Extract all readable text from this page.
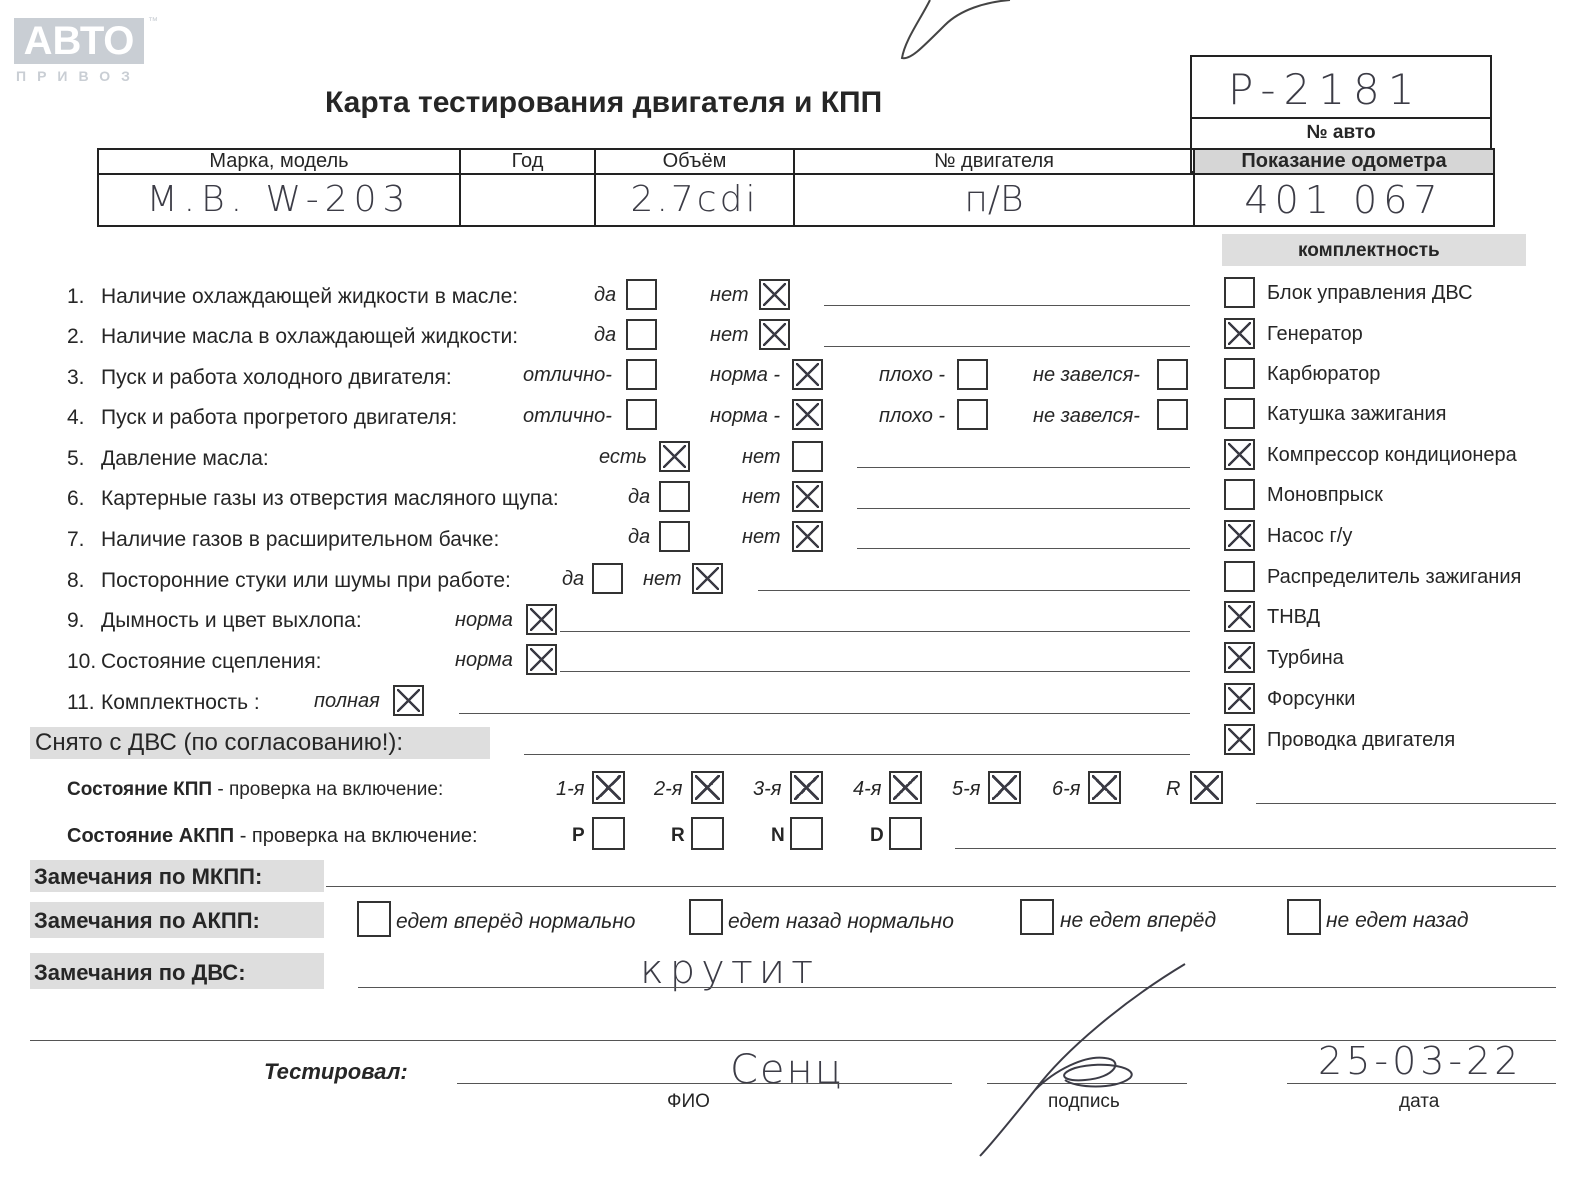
АВТО	™
ПРИВОЗ
Карта тестирования двигателя и КПП	P-2181
№ авто
Марка, модель	Год	Объём	№ двигателя	Показание одометра
M.B. W-203		2.7cdi	п/В	401 067
комплектность
Блок управления ДВС
Генератор
Карбюратор
Катушка зажигания
Компрессор кондиционера
Моновпрыск
Насос г/у
Распределитель зажигания
ТНВД
Турбина
Форсунки
Проводка двигателя
1. Наличие охлаждающей жидкости в масле:	да	нет
2. Наличие масла в охлаждающей жидкости:	да	нет
3. Пуск и работа холодного двигателя:	отлично-	норма -	плохо -	не завелся-
4. Пуск и работа прогретого двигателя:	отлично-	норма -	плохо -	не завелся-
5. Давление масла:	есть	нет
6. Картерные газы из отверстия масляного щупа:	да	нет
7. Наличие газов в расширительном бачке:	да	нет
8. Посторонние стуки или шумы при работе:	да	нет
9. Дымность и цвет выхлопа:	норма
10. Состояние сцепления:	норма
11. Комплектность :	полная
Снято с ДВС (по согласованию!):
Состояние КПП - проверка на включение:	1-я	2-я	3-я	4-я	5-я	6-я	R
Состояние АКПП - проверка на включение:	P	R	N	D
Замечания по МКПП:
Замечания по АКПП:	едет вперёд нормально	едет назад нормально	не едет вперёд	не едет назад
Замечания по ДВС:	крутит
Тестировал:	Сенц
ФИО	подпись
25-03-22
дата
